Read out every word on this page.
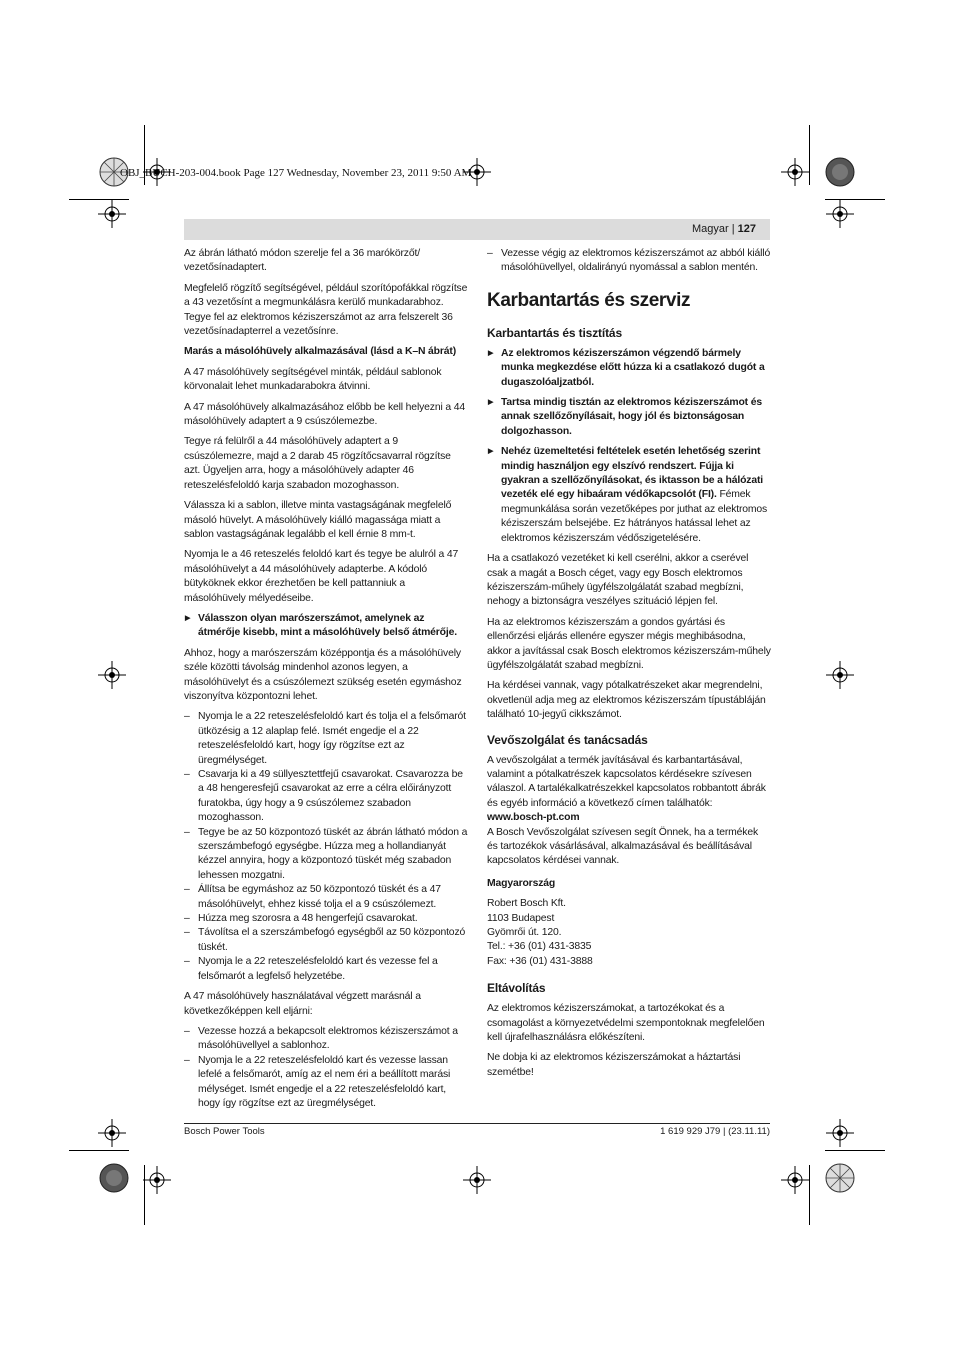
OBJ_BUCH-203-004.book Page 127 Wednesday, November 23, 2011 9:50 AM
Magyar | 127

Az ábrán látható módon szerelje fel a 36 marókörzőt/ vezetősínadaptert.

Megfelelő rögzítő segítségével, például szorítópofákkal rögzítse a 43 vezetősínt a megmunkálásra kerülő munkadarabhoz. Tegye fel az elektromos kéziszerszámot az arra felszerelt 36 vezetősínadapterrel a vezetősínre.

Marás a másolóhüvely alkalmazásával (lásd a K–N ábrát)

A 47 másolóhüvely segítségével minták, például sablonok körvonalait lehet munkadarabokra átvinni.

A 47 másolóhüvely alkalmazásához előbb be kell helyezni a 44 másolóhüvely adaptert a 9 csúszólemezbe.

Tegye rá felülről a 44 másolóhüvely adaptert a 9 csúszólemezre, majd a 2 darab 45 rögzítőcsavarral rögzítse azt. Ügyeljen arra, hogy a másolóhüvely adapter 46 reteszelésfeloldó karja szabadon mozoghasson.

Válassza ki a sablon, illetve minta vastagságának megfelelő másoló hüvelyt. A másolóhüvely kiálló magassága miatt a sablon vastagságának legalább el kell érnie 8 mm-t.

Nyomja le a 46 reteszelés feloldó kart és tegye be alulról a 47 másolóhüvelyt a 44 másolóhüvely adapterbe. A kódoló bütyköknek ekkor érezhetően be kell pattanniuk a másolóhüvely mélyedéseibe.

▶ Válasszon olyan marószerszámot, amelynek az átmérője kisebb, mint a másolóhüvely belső átmérője.

Ahhoz, hogy a marószerszám középpontja és a másolóhüvely széle közötti távolság mindenhol azonos legyen, a másolóhüvelyt és a csúszólemezt szükség esetén egymáshoz viszonyítva központozni lehet.

– Nyomja le a 22 reteszelésfeloldó kart és tolja el a felsőmarót ütközésig a 12 alaplap felé. Ismét engedje el a 22 reteszelésfeloldó kart, hogy így rögzítse ezt az üregmélységet.

– Csavarja ki a 49 süllyesztettfejű csavarokat. Csavarozza be a 48 hengeresfejű csavarokat az erre a célra előirányzott furatokba, úgy hogy a 9 csúszólemez szabadon mozoghasson.

– Tegye be az 50 központozó tüskét az ábrán látható módon a szerszámbefogó egységbe. Húzza meg a hollandianyát kézzel annyira, hogy a központozó tüskét még szabadon lehessen mozgatni.

– Állítsa be egymáshoz az 50 központozó tüskét és a 47 másolóhüvelyt, ehhez kissé tolja el a 9 csúszólemezt.

– Húzza meg szorosra a 48 hengerfejű csavarokat.

– Távolítsa el a szerszámbefogó egységből az 50 központozó tüskét.

– Nyomja le a 22 reteszelésfeloldó kart és vezesse fel a felsőmarót a legfelső helyzetébe.

A 47 másolóhüvely használatával végzett marásnál a következőképpen kell eljárni:

– Vezesse hozzá a bekapcsolt elektromos kéziszerszámot a másolóhüvellyel a sablonhoz.

– Nyomja le a 22 reteszelésfeloldó kart és vezesse lassan lefelé a felsőmarót, amíg az el nem éri a beállított marási mélységet. Ismét engedje el a 22 reteszelésfeloldó kart, hogy így rögzítse ezt az üregmélységet.

– Vezesse végig az elektromos kéziszerszámot az abból kiálló másolóhüvellyel, oldalirányú nyomással a sablon mentén.

Karbantartás és szerviz
Karbantartás és tisztítás

▶ Az elektromos kéziszerszámon végzendő bármely munka megkezdése előtt húzza ki a csatlakozó dugót a dugaszolóaljzatból.

▶ Tartsa mindig tisztán az elektromos kéziszerszámot és annak szellőzőnyílásait, hogy jól és biztonságosan dolgozhasson.

▶ Nehéz üzemeltetési feltételek esetén lehetőség szerint mindig használjon egy elszívó rendszert. Fújja ki gyakran a szellőzőnyílásokat, és iktasson be a hálózati vezeték elé egy hibaáram védőkapcsolót (FI). Fémek megmunkálása során vezetőképes por juthat az elektromos kéziszerszám belsejébe. Ez hátrányos hatással lehet az elektromos kéziszerszám védőszigetelésére.

Ha a csatlakozó vezetéket ki kell cserélni, akkor a cserével csak a magát a Bosch céget, vagy egy Bosch elektromos kéziszerszám-műhely ügyfélszolgálatát szabad megbízni, nehogy a biztonságra veszélyes szituáció lépjen fel.

Ha az elektromos kéziszerszám a gondos gyártási és ellenőrzési eljárás ellenére egyszer mégis meghibásodna, akkor a javítással csak Bosch elektromos kéziszerszám-műhely ügyfélszolgálatát szabad megbízni.

Ha kérdései vannak, vagy pótalkatrészeket akar megrendelni, okvetlenül adja meg az elektromos kéziszerszám típustábláján található 10-jegyű cikkszámot.

Vevőszolgálat és tanácsadás

A vevőszolgálat a termék javításával és karbantartásával, valamint a pótalkatrészek kapcsolatos kérdésekre szívesen válaszol. A tartalékalkatrészekkel kapcsolatos robbantott ábrák és egyéb információ a következő címen találhatók:

www.bosch-pt.com

A Bosch Vevőszolgálat szívesen segít Önnek, ha a termékek és tartozékok vásárlásával, alkalmazásával és beállításával kapcsolatos kérdései vannak.

Magyarország

Robert Bosch Kft.

1103 Budapest

Gyömrői út. 120.

Tel.: +36 (01) 431-3835

Fax: +36 (01) 431-3888

Eltávolítás

Az elektromos kéziszerszámokat, a tartozékokat és a csomagolást a környezetvédelmi szempontoknak megfelelően kell újrafelhasználásra előkészíteni.

Ne dobja ki az elektromos kéziszerszámokat a háztartási szemétbe!

Bosch Power Tools	1 619 929 J79 | (23.11.11)
